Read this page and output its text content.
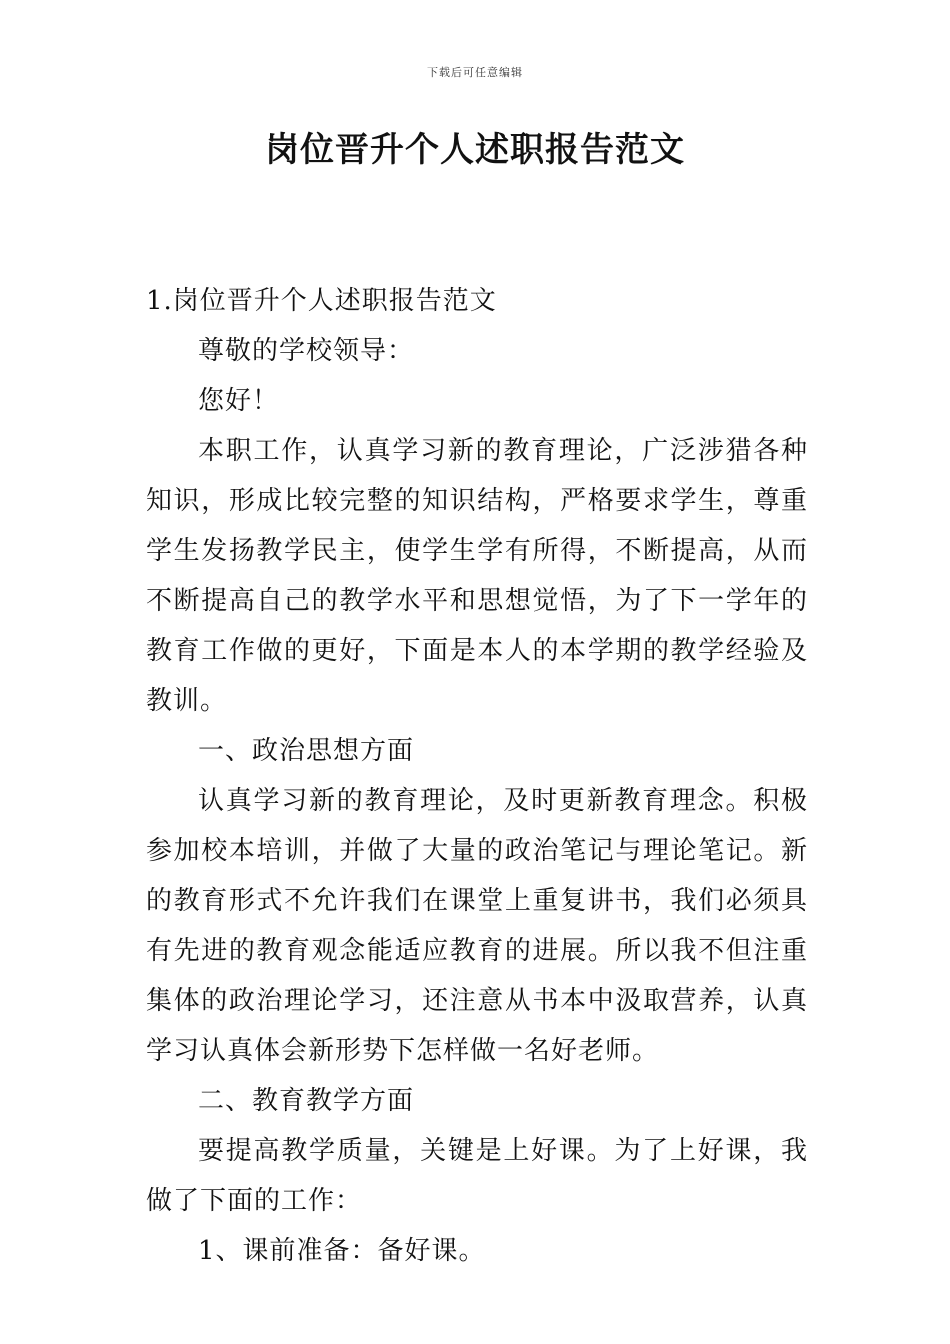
下载后可任意编辑
岗位晋升个人述职报告范文

1.岗位晋升个人述职报告范文

尊敬的学校领导：

您好！

本职工作，认真学习新的教育理论，广泛涉猎各种知识，形成比较完整的知识结构，严格要求学生，尊重学生发扬教学民主，使学生学有所得，不断提高，从而不断提高自己的教学水平和思想觉悟，为了下一学年的教育工作做的更好，下面是本人的本学期的教学经验及教训。

一、政治思想方面

认真学习新的教育理论，及时更新教育理念。积极参加校本培训，并做了大量的政治笔记与理论笔记。新的教育形式不允许我们在课堂上重复讲书，我们必须具有先进的教育观念能适应教育的进展。所以我不但注重集体的政治理论学习，还注意从书本中汲取营养，认真学习认真体会新形势下怎样做一名好老师。

二、教育教学方面

要提高教学质量，关键是上好课。为了上好课，我做了下面的工作：

1、课前准备：备好课。
